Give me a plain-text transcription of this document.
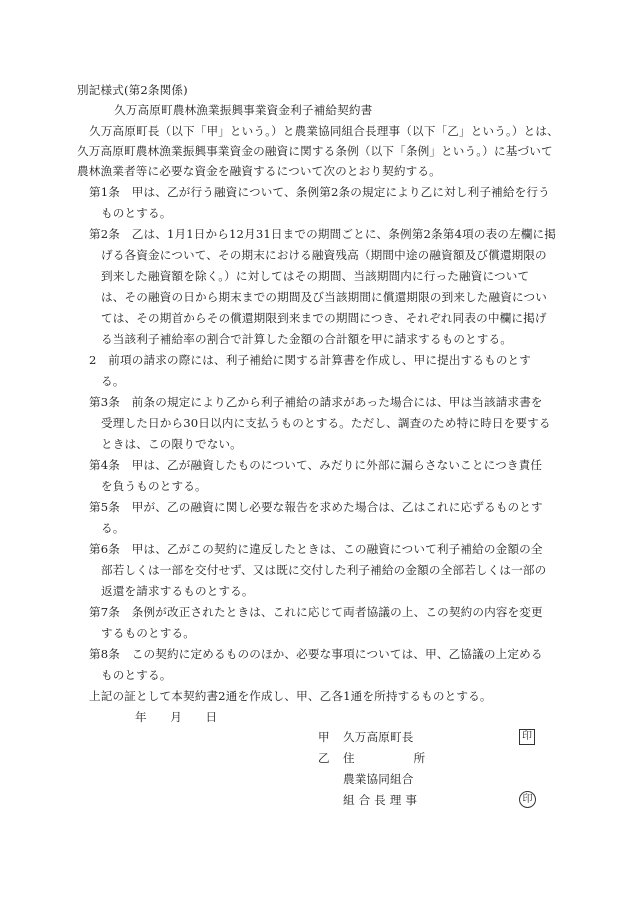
別記様式(第2条関係)
久万高原町農林漁業振興事業資金利子補給契約書
久万高原町長（以下「甲」という。）と農業協同組合長理事（以下「乙」という。）とは、
久万高原町農林漁業振興事業資金の融資に関する条例（以下「条例」という。）に基づいて
農林漁業者等に必要な資金を融資するについて次のとおり契約する。
第1条　甲は、乙が行う融資について、条例第2条の規定により乙に対し利子補給を行う
ものとする。
第2条　乙は、1月1日から12月31日までの期間ごとに、条例第2条第4項の表の左欄に掲
げる各資金について、その期末における融資残高（期間中途の融資額及び償還期限の
到来した融資額を除く。）に対してはその期間、当該期間内に行った融資について
は、その融資の日から期末までの期間及び当該期間に償還期限の到来した融資につい
ては、その期首からその償還期限到来までの期間につき、それぞれ同表の中欄に掲げ
る当該利子補給率の割合で計算した金額の合計額を甲に請求するものとする。
2　前項の請求の際には、利子補給に関する計算書を作成し、甲に提出するものとす
る。
第3条　前条の規定により乙から利子補給の請求があった場合には、甲は当該請求書を
受理した日から30日以内に支払うものとする。ただし、調査のため特に時日を要する
ときは、この限りでない。
第4条　甲は、乙が融資したものについて、みだりに外部に漏らさないことにつき責任
を負うものとする。
第5条　甲が、乙の融資に関し必要な報告を求めた場合は、乙はこれに応ずるものとす
る。
第6条　甲は、乙がこの契約に違反したときは、この融資について利子補給の金額の全
部若しくは一部を交付せず、又は既に交付した利子補給の金額の全部若しくは一部の
返還を請求するものとする。
第7条　条例が改正されたときは、これに応じて両者協議の上、この契約の内容を変更
するものとする。
第8条　この契約に定めるもののほか、必要な事項については、甲、乙協議の上定める
ものとする。
上記の証として本契約書2通を作成し、甲、乙各1通を所持するものとする。
年　　月　　日
甲 久万高原町長	印
乙 住　　　　　所
農業協同組合
組 合 長 理 事	印
